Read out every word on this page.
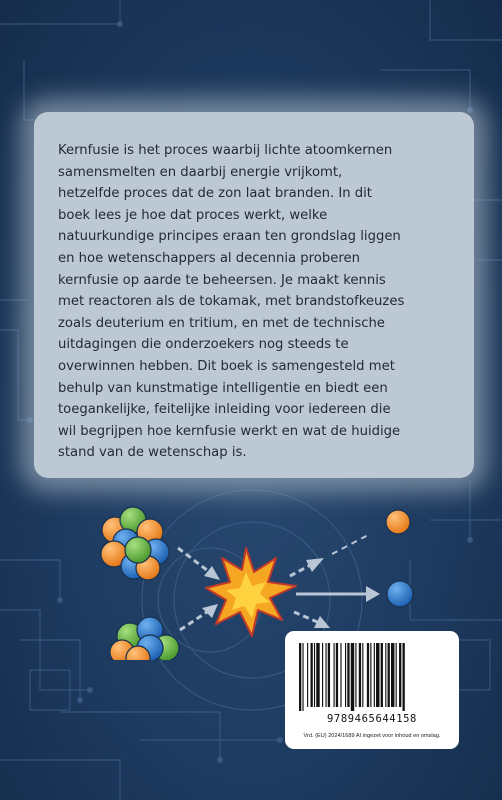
Kernfusie is het proces waarbij lichte atoomkernen
samensmelten en daarbij energie vrijkomt,
hetzelfde proces dat de zon laat branden. In dit
boek lees je hoe dat proces werkt, welke
natuurkundige principes eraan ten grondslag liggen
en hoe wetenschappers al decennia proberen
kernfusie op aarde te beheersen. Je maakt kennis
met reactoren als de tokamak, met brandstofkeuzes
zoals deuterium en tritium, en met de technische
uitdagingen die onderzoekers nog steeds te
overwinnen hebben. Dit boek is samengesteld met
behulp van kunstmatige intelligentie en biedt een
toegankelijke, feitelijke inleiding voor iedereen die
wil begrijpen hoe kernfusie werkt en wat de huidige
stand van de wetenschap is.

9789465644158
Vrd. (EU) 2024/1689 AI ingezet voor inhoud en omslag.
